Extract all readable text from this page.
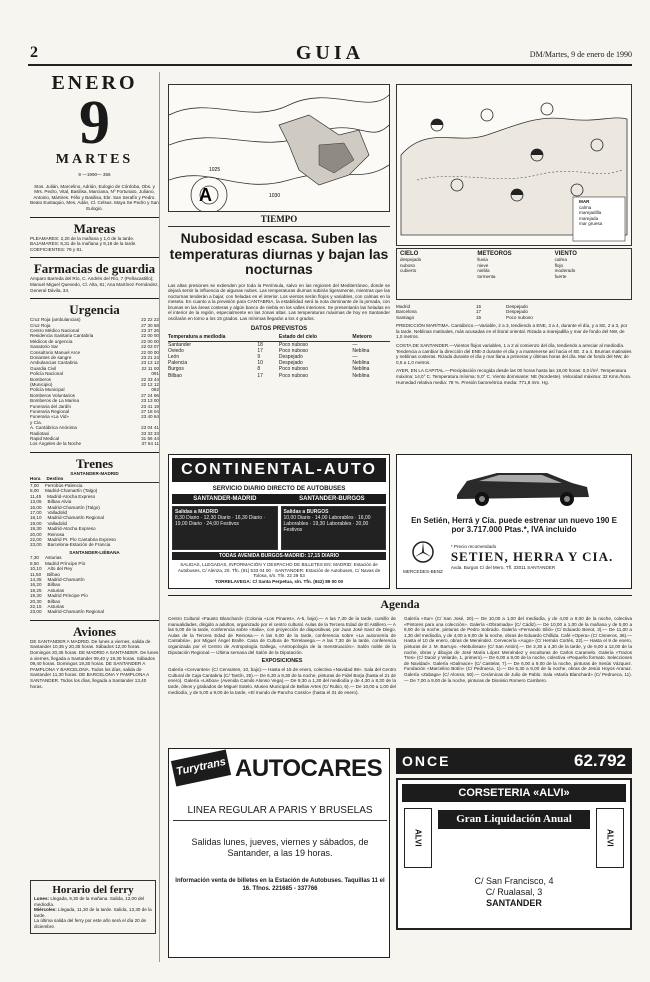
2	GUIA	DM/Martes, 9 de enero de 1990
ENERO
9
MARTES
9 —1990— 356
Stos. Julián, Marcelino, Adrián, Eulogio de Córdoba, Obs. y Mrs. Pedro, Vital, Basilisa, Marciana, Nº Fortunato, Juliano, Antonio, Mártires. Félix y Basilisa, Ebr. San Serafín y Pedro. Beato Eustaquio, Mes, Adán, Cl. Celsus. Maya Se Pedro y San Eulogio.
Mareas
PLEAMARES: 2,20 de la mañana y 1,0 de la tarde.
BAJAMARES: 8,31 de la mañana y 9,18 de la tarde.
COEFICIENTES: 79 y 81.
Farmacias de guardia
Amparo Barreda del Río, C. Andrés del Río, 7 (Peñacastillo); Manuel Miguel Quevedo, Cl. Alta, 81; Ana Martínez Fernández, General Dávila, 34.
Urgencia
Cruz Roja (ambulancias)	22 22 22
Cruz Roja	27 30 58
Centro Médico Nacional	23 37 26
Residencia Sanitaria Cantabria	22 00 00
Médicos de urgencia	22 00 00
Sanatorio Sar	22 03 07
Consultorio Manuel Arce	22 00 00
Donantes de sangre	23 21 24
Ambulancias Cantabria	23 13 12
Guardia Civil	22 11 00
Policía Nacional	091
Bomberos	22 33 44
(Municipio)	22 12 12
Policía Municipal	092
Bomberos Voluntarios	27 24 96
Bomberos de La Marina	23 13 00
Funeraria del Jardín	23 41 19
Funeraria Regional	27 18 04
Funeraria «La Vid»	23 40 64
y Cía.
A. Cantábrica Anónima	23 04 41
Radiotaxi	33 33 33
Rapid Medical	31 56 44
Los Ángeles de la Noche	37 64 11
Trenes
SANTANDER-MADRID
Hora Destino
7,00 Ferrobús-Palencia
8,00 Madrid-Chamartín (Talgo)
11,45 Madrid-Atocha Expreso
13,05 Bilbao Alvia
16,00 Madrid-Chamartín (Talgo)
17,00 Valladolid
18,10 Madrid-Chamartín Regional
19,00 Valladolid
19,30 Madrid-Atocha Expreso
20,00 Reinosa
22,00 Madrid Pr. Pío Cantabria Expreso
23,00 Barcelona-Estación de Francia
SANTANDER-LIÉBANA
7,30 Asturias
8,50 Madrid Príncipe Pío
10,10 Alto del Rey
11,50 Bilbao
14,35 Madrid-Chamartín
16,20 Bilbao
18,25 Asturias
19,30 Madrid Príncipe Pío
20,30 Bilbao
22,15 Asturias
23,00 Madrid-Chamartín Regional
Aviones
DE SANTANDER A MADRID. De lunes a viernes, salida de Santander 10,35 y 20,35 horas. Sábados 12,30 horas. Domingos 20,35 horas. DE MADRID A SANTANDER. De lunes a viernes, llegada a Santander 09,40 y 19,30 horas. Sábados 09,40 horas. Domingos 19,30 horas. DE SANTANDER A PAMPLONA Y BARCELONA. Todos los días, salida de Santander 11,30 horas. DE BARCELONA Y PAMPLONA A SANTANDER. Todos los días, llegada a Santander 13,40 horas.
Horario del ferry
Lunes: Llegada, 9,30 de la mañana. Salida, 12,00 del mediodía.
Miércoles: Llegada, 11,30 de la tarde. Salida, 13,30 de la tarde.
La última salida del ferry por este año será el día 20 de diciembre.
A
1025
1030
MAR
calma
marejadilla
marejada
mar gruesa
CIELO
despejado
nuboso
cubierto
METEOROS
lluvia
nieve
niebla
tormenta
VIENTO
calma
flojo
moderado
fuerte
TIEMPO
Nubosidad escasa. Suben las temperaturas diurnas y bajan las nocturnas
Las altas presiones se extienden por toda la Península, salvo en las regiones del Mediterráneo, donde se dejará sentir la influencia de algunas nubes. Las temperaturas diurnas subirán ligeramente, mientras que las nocturnas tenderán a bajar, con heladas en el interior. Los vientos serán flojos y variables, con calmas en la meseta. En cuanto a la previsión para CANTABRIA, la estabilidad será la nota dominante de la jornada, con brumas en las áreas costeras y algún banco de niebla en los valles interiores. Se presentarán las heladas en el interior de la región, especialmente en las zonas altas. Las temperaturas máximas de hoy en Santander oscilarán en torno a los 15 grados. Las mínimas llegarán a los 4 grados.
DATOS PREVISTOS
Temperatura a mediodía		Estado del cielo	Meteoro
Santander	18	Poco nuboso	—
Oviedo	17	Poco nuboso	Neblina
León	9	Despejado	—
Palencia	10	Despejado	Neblina
Burgos	8	Poco nuboso	Neblina
Bilbao	17	Poco nuboso	Neblina
Madrid	15	Despejado
Barcelona	17	Despejado
Santiago	15	Poco nuboso
PREDICCIÓN MARÍTIMA. Cantábrico.—Variable, 2 a 3, tendiendo a ENE, 3 a 4, durante el día, y a SE, 2 a 3, por la tarde. Neblinas matinales, más acusadas en el litoral oriental. Rizada a marejadilla y mar de fondo del NW, de 1,0 metros.
COSTA DE SANTANDER.—Vientos flojos variables, 1 a 2 al comienzo del día, tendiendo a arreciar al mediodía. Tendencia a cambiar la dirección del ENE-3 durante el día y a mantenerse así hacia el SE. 3 a 4. Brumas matinales y neblinas costeras. Rizada durante el día y mar llana a primeras y últimas horas del día. Mar de fondo del NW, de 0,5 a 1,0 metros.
AYER, EN LA CAPITAL.—Precipitación recogida desde las 00 horas hasta las 18,00 horas: 0,0 l/m². Temperatura máxima: 14,0° C. Temperatura mínima: 5,0° C. Viento dominante: NE (Nordeste). Velocidad máxima: 32 Kms./hora. Humedad relativa media: 78 %. Presión barométrica media: 771,8 mm. Hg.
CONTINENTAL-AUTO
SERVICIO DIARIO DIRECTO DE AUTOBUSES
SANTANDER-MADRID	SANTANDER-BURGOS
Salidas a MADRID
8,30 Diario · 12,30 Diario · 16,30 Diario · 19,00 Diario · 24,00 Festivos
Salidas a BURGOS
10,00 Diario · 14,00 Laborables · 16,00 Laborables · 19,30 Laborables · 20,00 Festivos
TODAS AVENIDA BURGOS-MADRID: 17,15 DIARIO
SALIDAS, LLEGADAS, INFORMACIÓN Y DESPACHO DE BILLETES EN: MADRID: Estación de Autobuses, C/ Alenza, 20. Tfn. (91) 533 04 00 · SANTANDER: Estación de Autobuses, C/ Navas de Tolosa, s/n. Tfn. 22 29 53
TORRELAVEGA: C/ Santa Perpetua, s/n. Tfn. (942) 89 00 00
En Setién, Herrá y Cía. puede estrenar un nuevo 190 E
por 3.717.000 Ptas.*, IVA incluido
MERCEDES-BENZ
* Precio recomendado
SETIEN, HERRA Y CIA.
Avda. Burgos C/ del Mero, Tfl. 33011 SANTANDER
Agenda
Centro Cultural «Fausto Blanchard» (Colonia «Los Pinares», A-5, bajo).— A las 7,30 de la tarde, cursillo de manualidades, dirigido a adultos, organizado por el centro cultural. Aulas de la Tercera Edad de El Astillero.— A las 5,00 de la tarde, conferencia sobre «Italia», con proyección de diapositivas, por Juan José Sanz de Diego. Aulas de la Tercera Edad de Reinosa.— A las 6,00 de la tarde, conferencia sobre «La autonomía de Cantabria», por Miguel Ángel Brañe. Casa de Cultura de Torrelavega.— A las 7,30 de la tarde, conferencia organizada por el Centro de Antropología Gallega, «Antropología de la menstruación». Salón noble de la Diputación Regional.— Última semana del Salón de la Diputación.
EXPOSICIONES
Galería «Cervantes» (C/ Cervantes, 10, bajo).— Hasta el 15 de enero, colectiva «Navidad 89». Sala del Centro Cultural de Caja Cantabria (C/ Tantín, 25).— De 6,30 a 9,30 de la noche, pinturas de Fidel Borja (hasta el 21 de enero). Galería «Lisboa» (Avenida Camilo Alonso Vega).— De 9,30 a 1,30 del mediodía y de 4,30 a 8,30 de la tarde, óleos y grabados de Miguel Sotelo. Museo Municipal de Bellas Artes (C/ Rubio, 6).— De 10,00 a 1,00 del mediodía, y de 5,00 a 9,00 de la tarde, «El mundo de Pancho Cossío» (hasta el 31 de enero).
Galería «Sur» (C/ San José, 20).— De 10,00 a 1,00 del mediodía, y de 4,00 a 9,00 de la noche, colectiva «Pintores para una colección». Galería «Obramada» (C/ Cádiz).— De 10,00 a 1,00 de la mañana y de 5,00 a 9,00 de la noche, pinturas de Pedro Sobrado. Galería «Fernando Silió» (C/ Eduardo Benot, 3).— De 11,00 a 1,30 del mediodía, y de 4,00 a 9,00 de la noche, obras de Eduardo Chillida. Café «Opera» (C/ Cisneros, 36).— Hasta el 10 de enero, obras de Menéndez. Cervecería «Augo» (C/ Hernán Cortés, 22).— Hasta el 9 de enero, pinturas de J. M. Barruyo. «Nebulosas» (C/ San Antón).— De 2,30 a 4,30 de la tarde, y de 8,00 a 12,00 de la noche, obras y dibujos de José María López Menéndez y esculturas de Carlos Caramelo. Galería «Trazos Tres» (C/ Daoiz y Velarde, 1, primero).— De 6,00 a 9,00 de la noche, colectiva «Pequeño formato. Selecciones de Navidad». Galería «Dalmace» (C/ Castelar, 7).— De 6,00 a 9,00 de la noche, pinturas de Xesús Vázquez. Fundación «Marcelino Botín» (C/ Pedrueca, 1).— De 6,30 a 9,00 de la noche, obras de Jesús Hoyos Aranaz. Galería «Zabaga» (C/ Alonso, 50).— Cerámicas de Julio de Pablo. Sala «María Blanchard» (C/ Pedrueca, 11).— De 7,00 a 9,00 de la noche, pinturas de Dionisio Romero Cambero.
Turytrans AUTOCARES
LINEA REGULAR A PARIS Y BRUSELAS
Salidas lunes, jueves, viernes y sábados, de Santander, a las 19 horas.
Información venta de billetes en la Estación de Autobuses. Taquillas 11 el 16. Tfnos. 221685 - 337766
ONCE	62.792
CORSETERIA «ALVI»
ALVI	ALVI
Gran Liquidación Anual
C/ San Francisco, 4
C/ Rualasal, 3
SANTANDER
